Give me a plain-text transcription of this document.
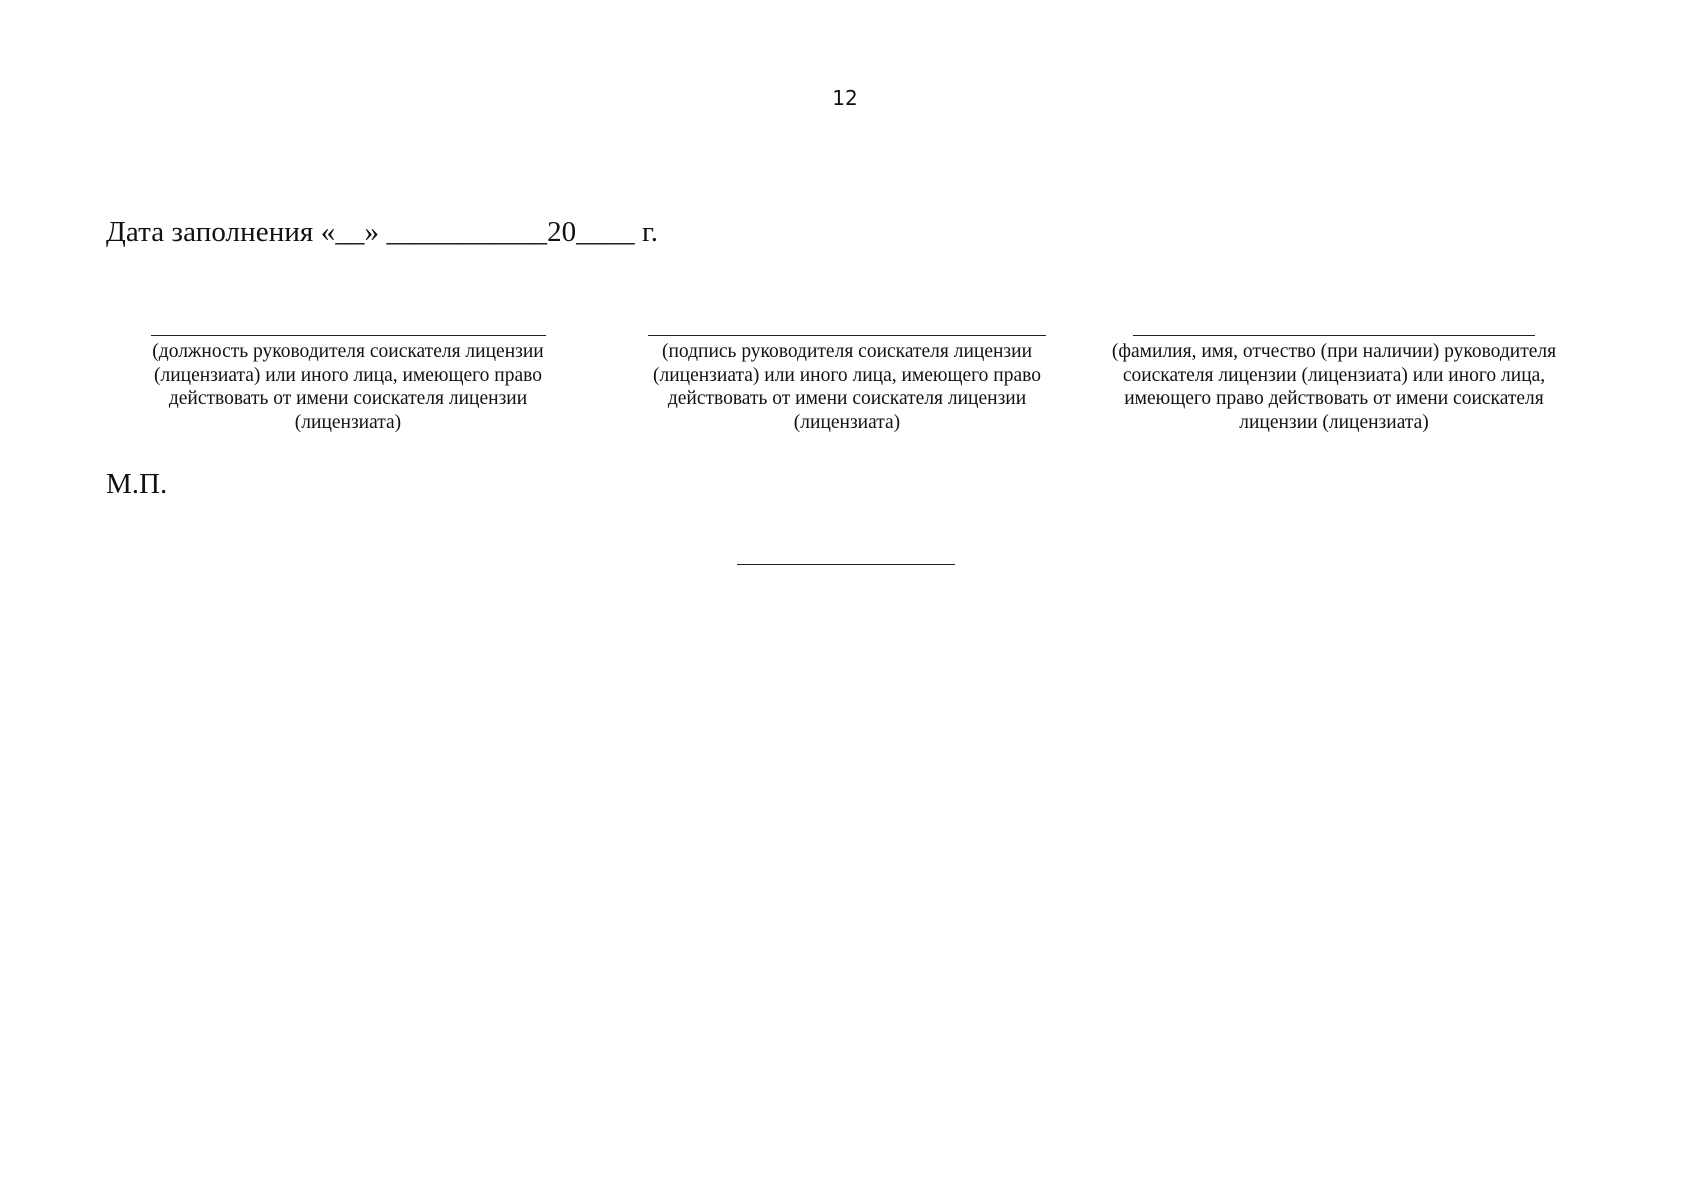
12
Дата заполнения «__» ___________20____ г.
(должность руководителя соискателя лицензии (лицензиата) или иного лица, имеющего право действовать от имени соискателя лицензии (лицензиата)
(подпись руководителя соискателя лицензии (лицензиата) или иного лица, имеющего право действовать от имени соискателя лицензии (лицензиата)
(фамилия, имя, отчество (при наличии) руководителя соискателя лицензии (лицензиата) или иного лица, имеющего право действовать от имени соискателя лицензии (лицензиата)
М.П.
